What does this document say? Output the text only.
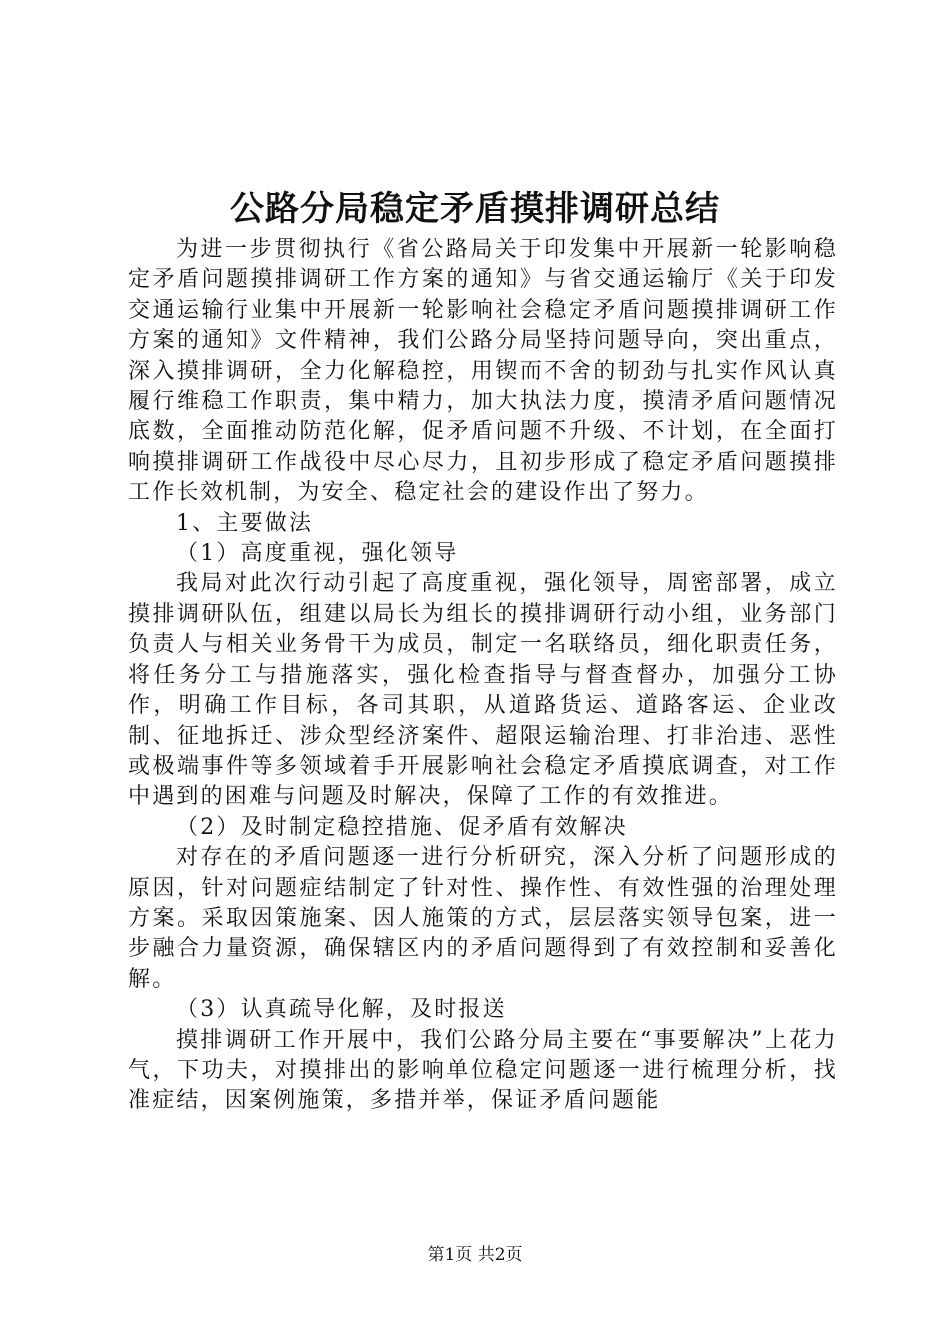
公路分局稳定矛盾摸排调研总结

为进一步贯彻执行《省公路局关于印发集中开展新一轮影响稳定矛盾问题摸排调研工作方案的通知》与省交通运输厅《关于印发交通运输行业集中开展新一轮影响社会稳定矛盾问题摸排调研工作方案的通知》文件精神，我们公路分局坚持问题导向，突出重点，深入摸排调研，全力化解稳控，用锲而不舍的韧劲与扎实作风认真履行维稳工作职责，集中精力，加大执法力度，摸清矛盾问题情况底数，全面推动防范化解，促矛盾问题不升级、不计划，在全面打响摸排调研工作战役中尽心尽力，且初步形成了稳定矛盾问题摸排工作长效机制，为安全、稳定社会的建设作出了努力。

1、主要做法

（1）高度重视，强化领导

我局对此次行动引起了高度重视，强化领导，周密部署，成立摸排调研队伍，组建以局长为组长的摸排调研行动小组，业务部门负责人与相关业务骨干为成员，制定一名联络员，细化职责任务，将任务分工与措施落实，强化检查指导与督查督办，加强分工协作，明确工作目标，各司其职，从道路货运、道路客运、企业改制、征地拆迁、涉众型经济案件、超限运输治理、打非治违、恶性或极端事件等多领域着手开展影响社会稳定矛盾摸底调查，对工作中遇到的困难与问题及时解决，保障了工作的有效推进。

（2）及时制定稳控措施、促矛盾有效解决

对存在的矛盾问题逐一进行分析研究，深入分析了问题形成的原因，针对问题症结制定了针对性、操作性、有效性强的治理处理方案。采取因策施案、因人施策的方式，层层落实领导包案，进一步融合力量资源，确保辖区内的矛盾问题得到了有效控制和妥善化解。

（3）认真疏导化解，及时报送

摸排调研工作开展中，我们公路分局主要在“事要解决”上花力气，下功夫，对摸排出的影响单位稳定问题逐一进行梳理分析，找准症结，因案例施策，多措并举，保证矛盾问题能

第1页 共2页
